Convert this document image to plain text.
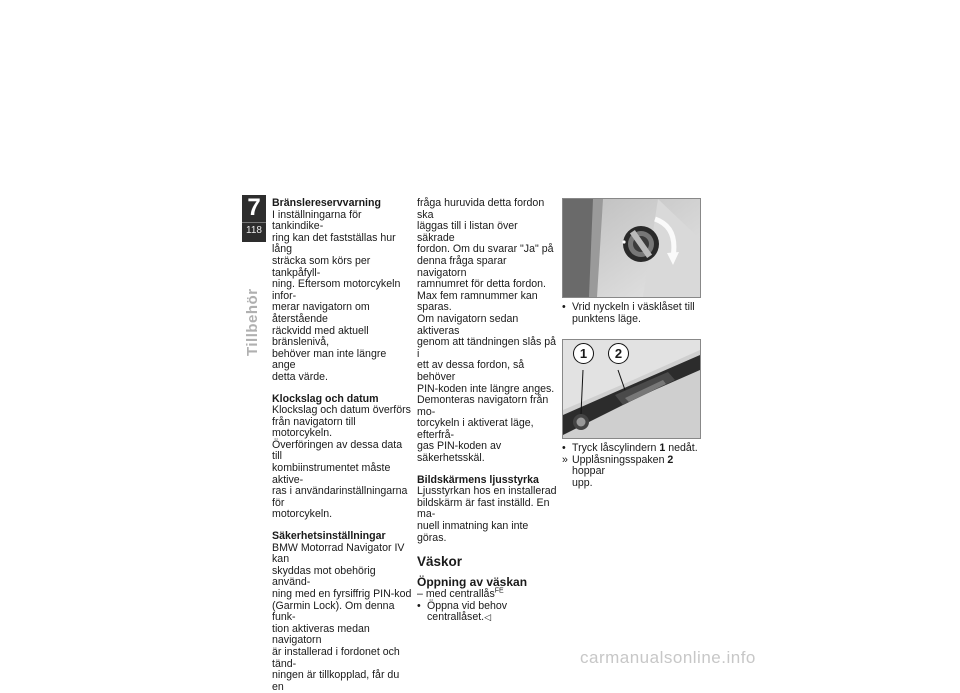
7
118
Tillbehör

Bränslereservvarning

I inställningarna för tankindike-
ring kan det fastställas hur lång
sträcka som körs per tankpåfyll-
ning. Eftersom motorcykeln infor-
merar navigatorn om återstående
räckvidd med aktuell bränslenivå,
behöver man inte längre ange
detta värde.

Klockslag och datum

Klockslag och datum överförs
från navigatorn till motorcykeln.
Överföringen av dessa data till
kombiinstrumentet måste aktive-
ras i användarinställningarna för
motorcykeln.

Säkerhetsinställningar

BMW Motorrad Navigator IV kan
skyddas mot obehörig använd-
ning med en fyrsiffrig PIN-kod
(Garmin Lock). Om denna funk-
tion aktiveras medan navigatorn
är installerad i fordonet och tänd-
ningen är tillkopplad, får du en

fråga huruvida detta fordon ska
läggas till i listan över säkrade
fordon. Om du svarar "Ja" på
denna fråga sparar navigatorn
ramnumret för detta fordon.
Max fem ramnummer kan sparas.
Om navigatorn sedan aktiveras
genom att tändningen slås på i
ett av dessa fordon, så behöver
PIN-koden inte längre anges.
Demonteras navigatorn från mo-
torcykeln i aktiverat läge, efterfrå-
gas PIN-koden av säkerhetsskäl.

Bildskärmens ljusstyrka

Ljusstyrkan hos en installerad
bildskärm är fast inställd. En ma-
nuell inmatning kan inte göras.

Väskor

Öppning av väskan

– med centrallås$^{FE}$

• Öppna vid behov centrallåset.◁

• Vrid nyckeln i väsklåset till
punktens läge.

1	2

• Tryck låscylindern 1 nedåt.

» Upplåsningsspaken 2 hoppar
upp.

carmanualsonline.info
